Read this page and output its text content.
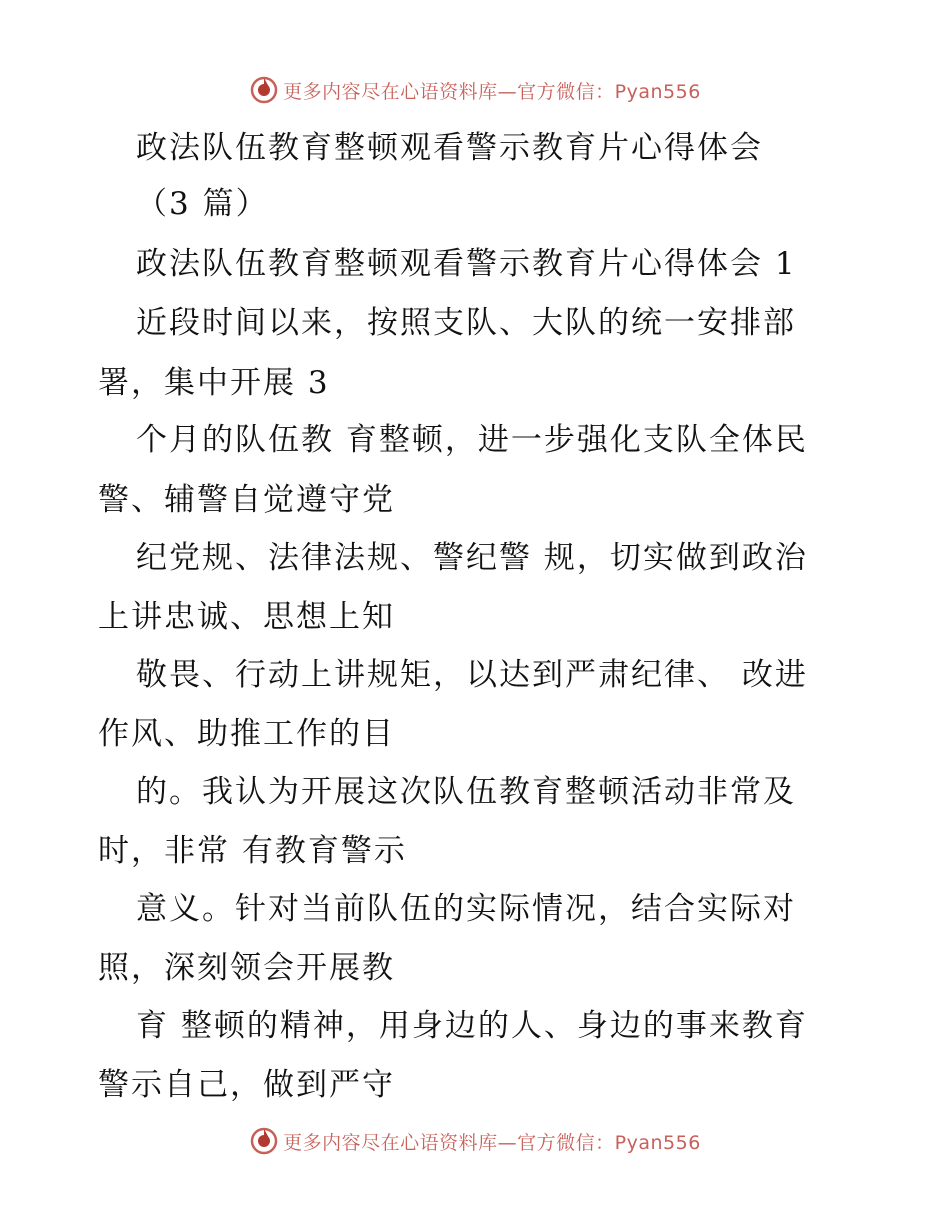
更多内容尽在心语资料库—官方微信：Pyan556
政法队伍教育整顿观看警示教育片心得体会
（3 篇）
政法队伍教育整顿观看警示教育片心得体会 1
近段时间以来，按照支队、大队的统一安排部
署，集中开展 3
个月的队伍教 育整顿，进一步强化支队全体民
警、辅警自觉遵守党
纪党规、法律法规、警纪警 规，切实做到政治
上讲忠诚、思想上知
敬畏、行动上讲规矩，以达到严肃纪律、 改进
作风、助推工作的目
的。我认为开展这次队伍教育整顿活动非常及
时，非常 有教育警示
意义。针对当前队伍的实际情况，结合实际对
照，深刻领会开展教
育 整顿的精神，用身边的人、身边的事来教育
警示自己，做到严守
更多内容尽在心语资料库—官方微信：Pyan556
